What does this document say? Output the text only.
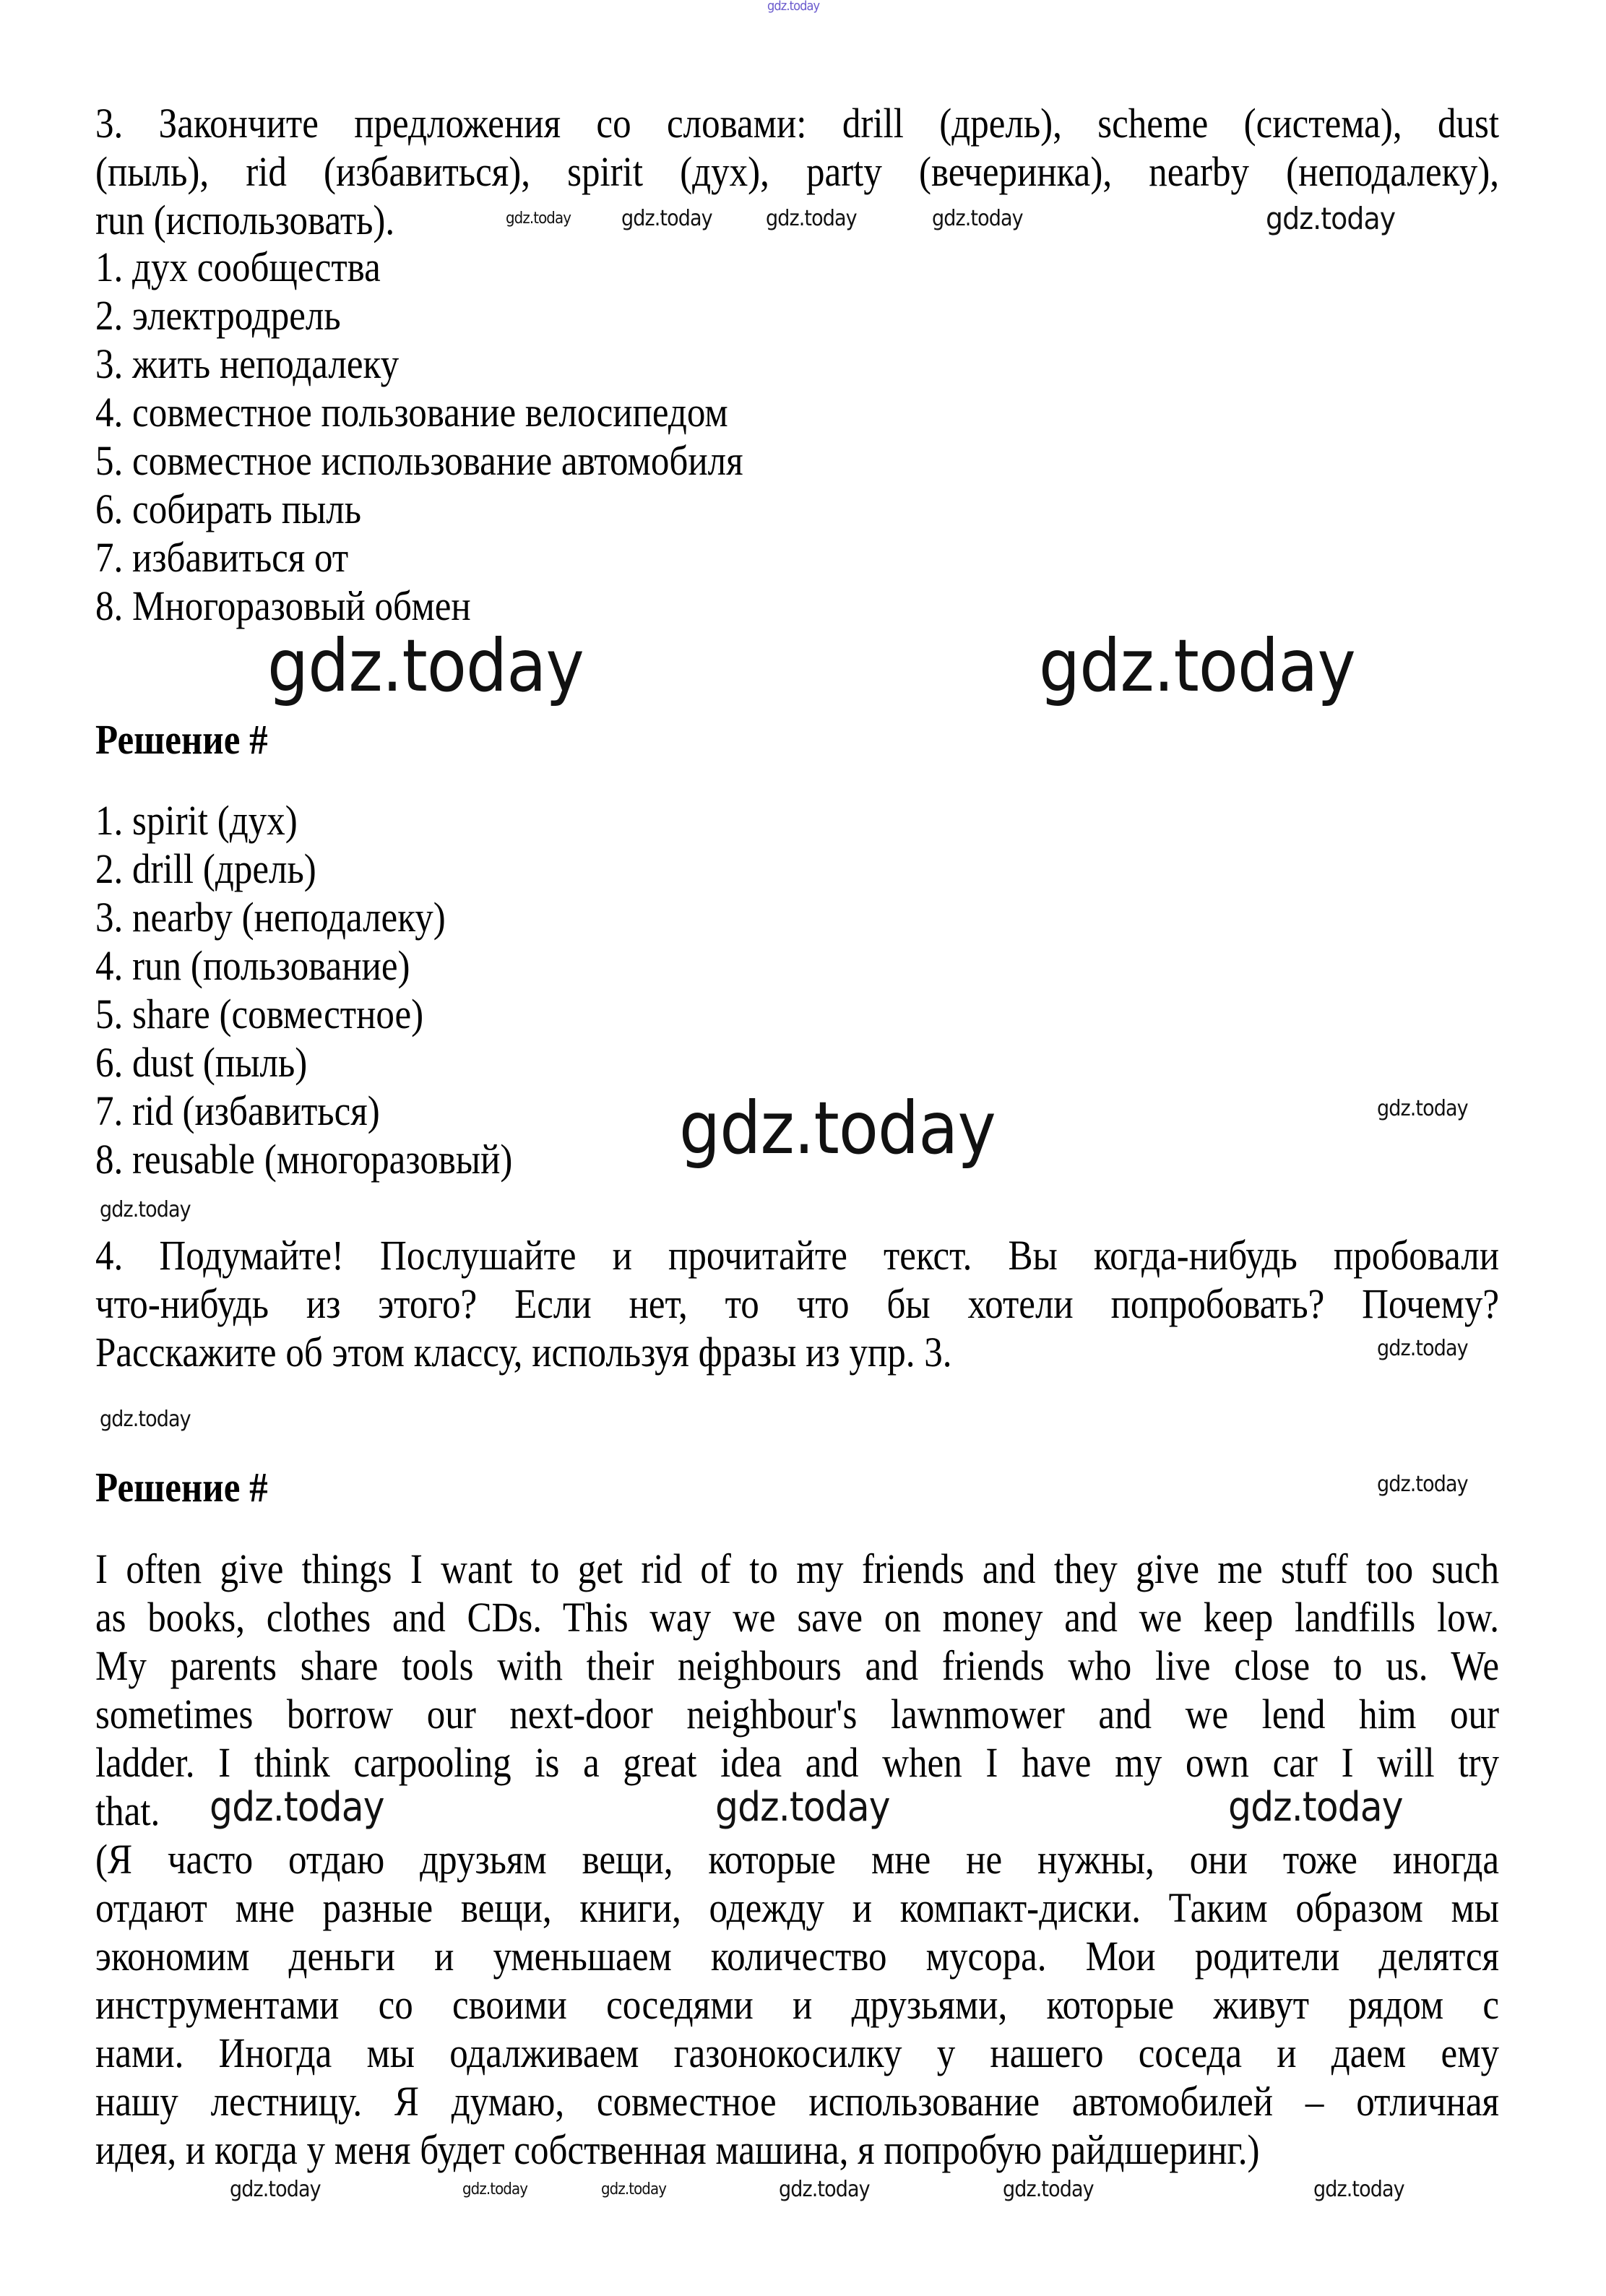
3. Закончите предложения со словами: drill (дрель), scheme (система), dust
(пыль), rid (избавиться), spirit (дух), party (вечеринка), nearby (неподалеку),
run (использовать).
1. дух сообщества
2. электродрель
3. жить неподалеку
4. совместное пользование велосипедом
5. совместное использование автомобиля
6. собирать пыль
7. избавиться от
8. Многоразовый обмен
Решение #
1. spirit (дух)
2. drill (дрель)
3. nearby (неподалеку)
4. run (пользование)
5. share (совместное)
6. dust (пыль)
7. rid (избавиться)
8. reusable (многоразовый)
4. Подумайте! Послушайте и прочитайте текст. Вы когда-нибудь пробовали
что-нибудь из этого? Если нет, то что бы хотели попробовать? Почему?
Расскажите об этом классу, используя фразы из упр. 3.
Решение #
I often give things I want to get rid of to my friends and they give me stuff too such
as books, clothes and CDs. This way we save on money and we keep landfills low.
My parents share tools with their neighbours and friends who live close to us. We
sometimes borrow our next-door neighbour's lawnmower and we lend him our
ladder. I think carpooling is a great idea and when I have my own car I will try
that.
(Я часто отдаю друзьям вещи, которые мне не нужны, они тоже иногда
отдают мне разные вещи, книги, одежду и компакт-диски. Таким образом мы
экономим деньги и уменьшаем количество мусора. Мои родители делятся
инструментами со своими соседями и друзьями, которые живут рядом с
нами. Иногда мы одалживаем газонокосилку у нашего соседа и даем ему
нашу лестницу. Я думаю, совместное использование автомобилей – отличная
идея, и когда у меня будет собственная машина, я попробую райдшеринг.)
gdz.today
gdz.today gdz.today gdz.today	gdz.today	gdz.today
gdz.today	gdz.today
gdz.today	gdz.today
gdz.today
gdz.today
gdz.today
gdz.today
gdz.today	gdz.today	gdz.today
gdz.today	gdz.today	gdz.today	gdz.today	gdz.today	gdz.today
